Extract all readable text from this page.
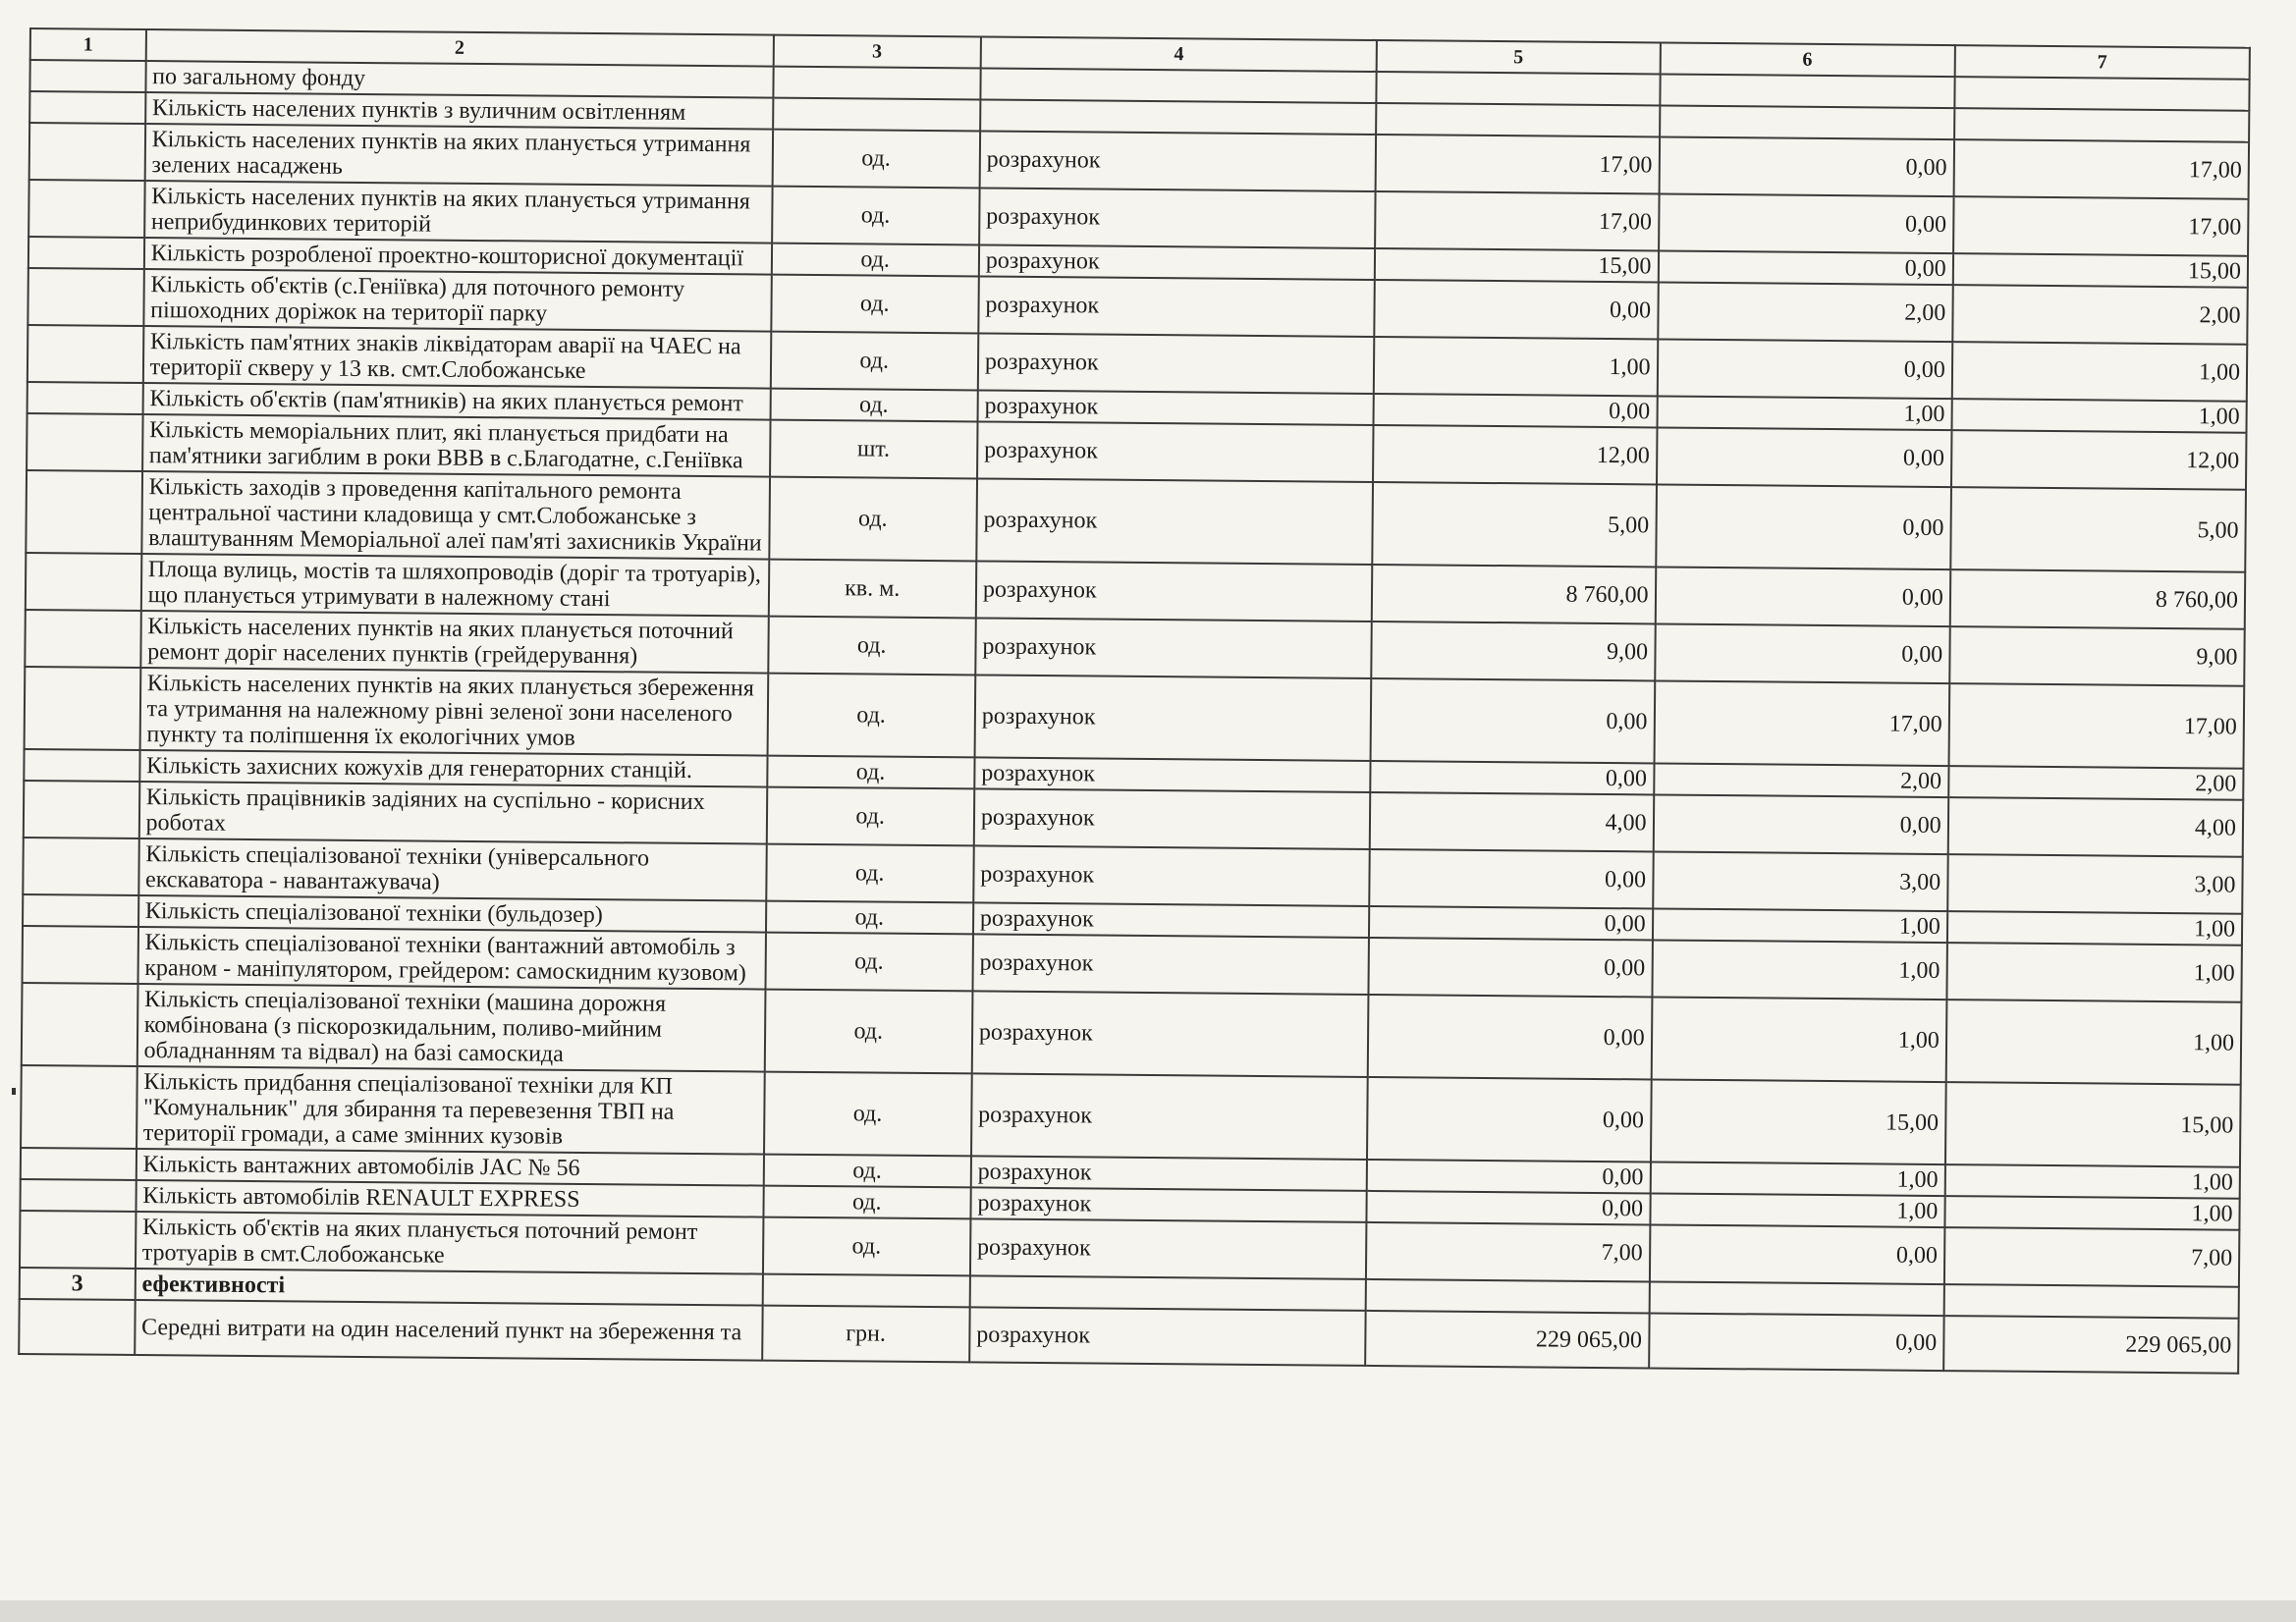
1	2	3	4	5	6	7
	по загальному фонду					
	Кількість населених пунктів з вуличним освітленням					
	Кількість населених пунктів на яких планується утримання зелених насаджень	од.	розрахунок	17,00	0,00	17,00
	Кількість населених пунктів на яких планується утримання неприбудинкових територій	од.	розрахунок	17,00	0,00	17,00
	Кількість розробленої проектно-кошторисної документації	од.	розрахунок	15,00	0,00	15,00
	Кількість об'єктів (с.Геніївка) для поточного ремонту пішоходних доріжок на території парку	од.	розрахунок	0,00	2,00	2,00
	Кількість пам'ятних знаків ліквідаторам аварії на ЧАЕС на території скверу у 13 кв. смт.Слобожанське	од.	розрахунок	1,00	0,00	1,00
	Кількість об'єктів (пам'ятників) на яких планується ремонт	од.	розрахунок	0,00	1,00	1,00
	Кількість меморіальних плит, які планується придбати на пам'ятники загиблим в роки ВВВ в с.Благодатне, с.Геніївка	шт.	розрахунок	12,00	0,00	12,00
	Кількість заходів з проведення капітального ремонта центральної частини кладовища у смт.Слобожанське з влаштуванням Меморіальної алеї пам'яті захисників України	од.	розрахунок	5,00	0,00	5,00
	Площа вулиць, мостів та шляхопроводів (доріг та тротуарів), що планується утримувати в належному стані	кв. м.	розрахунок	8 760,00	0,00	8 760,00
	Кількість населених пунктів на яких планується поточний ремонт доріг населених пунктів (грейдерування)	од.	розрахунок	9,00	0,00	9,00
	Кількість населених пунктів на яких планується збереження та утримання на належному рівні зеленої зони населеного пункту та поліпшення їх екологічних умов	од.	розрахунок	0,00	17,00	17,00
	Кількість захисних кожухів для генераторних станцій.	од.	розрахунок	0,00	2,00	2,00
	Кількість працівників задіяних на суспільно - корисних роботах	од.	розрахунок	4,00	0,00	4,00
	Кількість спеціалізованої техніки (універсального екскаватора - навантажувача)	од.	розрахунок	0,00	3,00	3,00
	Кількість спеціалізованої техніки (бульдозер)	од.	розрахунок	0,00	1,00	1,00
	Кількість спеціалізованої техніки (вантажний автомобіль з краном - маніпулятором, грейдером: самоскидним кузовом)	од.	розрахунок	0,00	1,00	1,00
	Кількість спеціалізованої техніки (машина дорожня комбінована (з піскорозкидальним, поливо-мийним обладнанням та відвал) на базі самоскида	од.	розрахунок	0,00	1,00	1,00
	Кількість придбання спеціалізованої техніки для КП "Комунальник" для збирання та перевезення ТВП на території громади, а саме змінних кузовів	од.	розрахунок	0,00	15,00	15,00
	Кількість вантажних автомобілів JAC № 56	од.	розрахунок	0,00	1,00	1,00
	Кількість автомобілів RENAULT EXPRESS	од.	розрахунок	0,00	1,00	1,00
	Кількість об'єктів на яких планується поточний ремонт тротуарів в смт.Слобожанське	од.	розрахунок	7,00	0,00	7,00
3	ефективності					
	Середні витрати на один населений пункт на збереження та	грн.	розрахунок	229 065,00	0,00	229 065,00
